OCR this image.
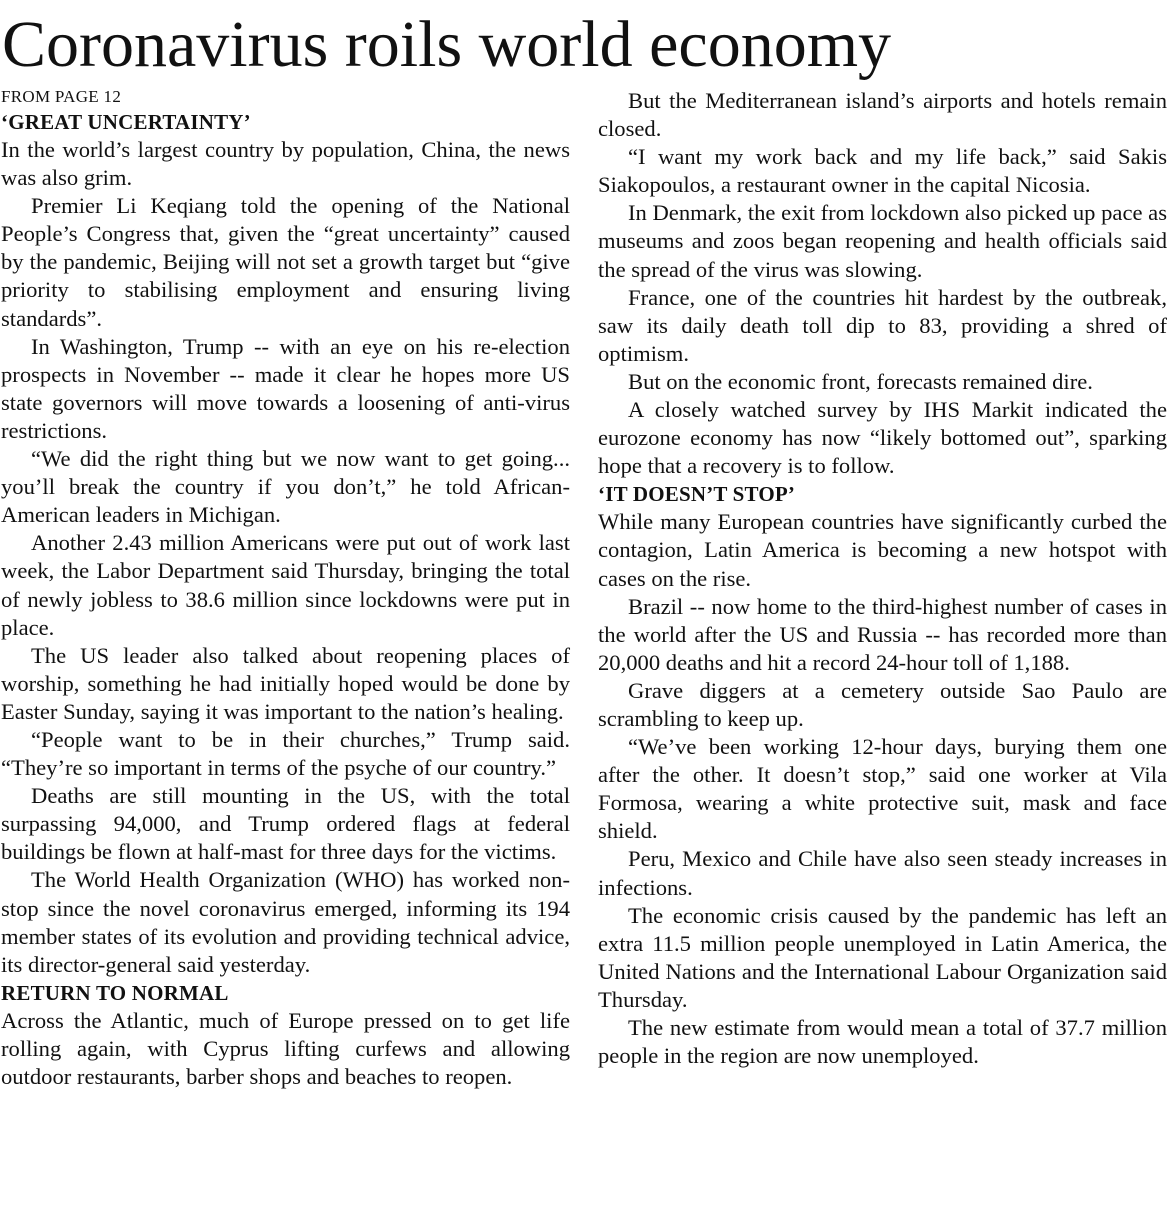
Coronavirus roils world economy
FROM PAGE 12
‘GREAT UNCERTAINTY’

In the world’s largest country by population, China, the news was also grim.

Premier Li Keqiang told the opening of the National People’s Congress that, given the “great uncertainty” caused by the pandemic, Beijing will not set a growth target but “give priority to stabilising employment and ensuring living standards”.

In Washington, Trump -- with an eye on his re-election prospects in November -- made it clear he hopes more US state governors will move towards a loosening of anti-virus restrictions.

“We did the right thing but we now want to get going... you’ll break the country if you don’t,” he told African-American leaders in Michigan.

Another 2.43 million Americans were put out of work last week, the Labor Department said Thursday, bringing the total of newly jobless to 38.6 million since lockdowns were put in place.

The US leader also talked about reopening places of worship, something he had initially hoped would be done by Easter Sunday, saying it was important to the nation’s healing.

“People want to be in their churches,” Trump said. “They’re so important in terms of the psyche of our country.”

Deaths are still mounting in the US, with the total surpassing 94,000, and Trump ordered flags at federal buildings be flown at half-mast for three days for the victims.

The World Health Organization (WHO) has worked non-stop since the novel coronavirus emerged, informing its 194 member states of its evolution and providing technical advice, its director-general said yesterday.

RETURN TO NORMAL

Across the Atlantic, much of Europe pressed on to get life rolling again, with Cyprus lifting curfews and allowing outdoor restaurants, barber shops and beaches to reopen.

But the Mediterranean island’s airports and hotels remain closed.

“I want my work back and my life back,” said Sakis Siakopoulos, a restaurant owner in the capital Nicosia.

In Denmark, the exit from lockdown also picked up pace as museums and zoos began reopening and health officials said the spread of the virus was slowing.

France, one of the countries hit hardest by the outbreak, saw its daily death toll dip to 83, providing a shred of optimism.

But on the economic front, forecasts remained dire.

A closely watched survey by IHS Markit indicated the eurozone economy has now “likely bottomed out”, sparking hope that a recovery is to follow.

‘IT DOESN’T STOP’

While many European countries have significantly curbed the contagion, Latin America is becoming a new hotspot with cases on the rise.

Brazil -- now home to the third-highest number of cases in the world after the US and Russia -- has recorded more than 20,000 deaths and hit a record 24-hour toll of 1,188.

Grave diggers at a cemetery outside Sao Paulo are scrambling to keep up.

“We’ve been working 12-hour days, burying them one after the other. It doesn’t stop,” said one worker at Vila Formosa, wearing a white protective suit, mask and face shield.

Peru, Mexico and Chile have also seen steady increases in infections.

The economic crisis caused by the pandemic has left an extra 11.5 million people unemployed in Latin America, the United Nations and the International Labour Organization said Thursday.

The new estimate from would mean a total of 37.7 million people in the region are now unemployed.
